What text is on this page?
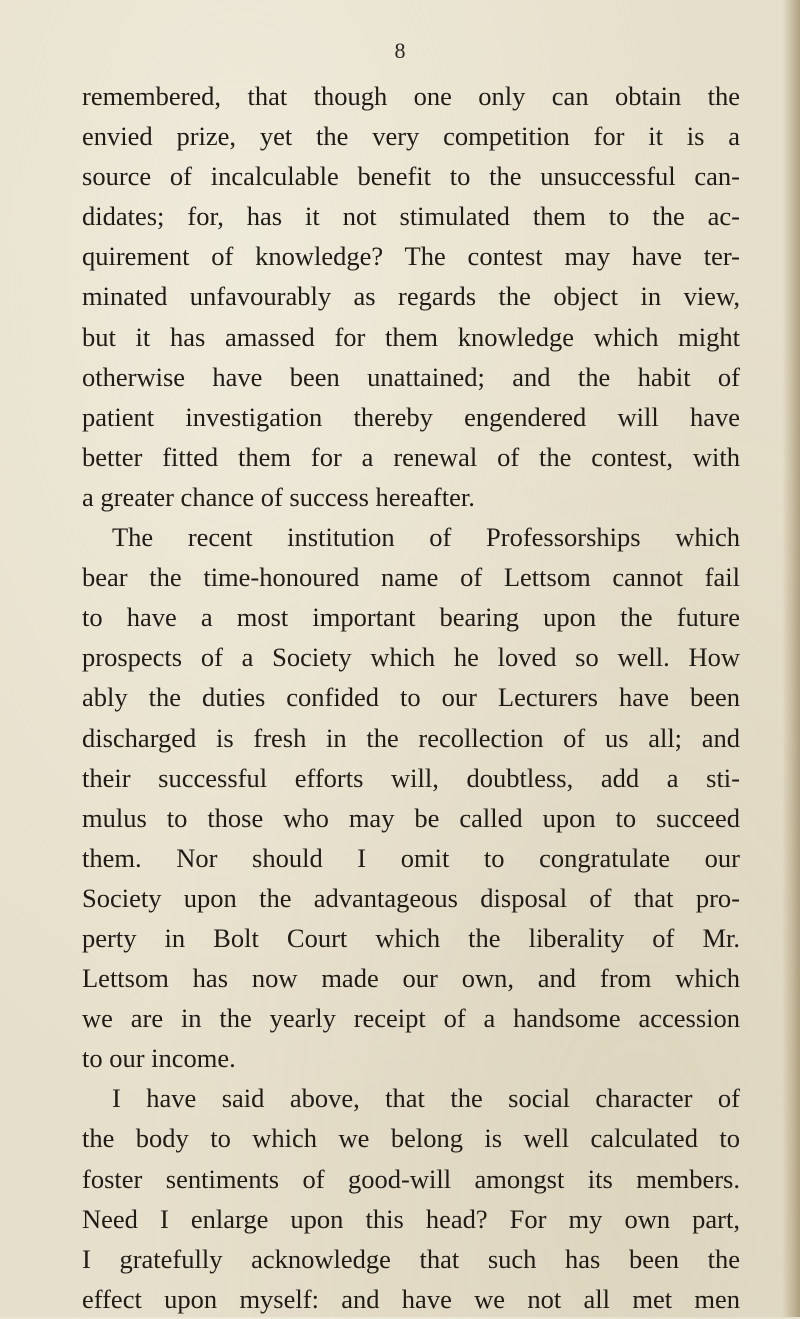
8
remembered, that though one only can obtain the
envied prize, yet the very competition for it is a
source of incalculable benefit to the unsuccessful can-
didates; for, has it not stimulated them to the ac-
quirement of knowledge? The contest may have ter-
minated unfavourably as regards the object in view,
but it has amassed for them knowledge which might
otherwise have been unattained; and the habit of
patient investigation thereby engendered will have
better fitted them for a renewal of the contest, with
a greater chance of success hereafter.
The recent institution of Professorships which
bear the time-honoured name of Lettsom cannot fail
to have a most important bearing upon the future
prospects of a Society which he loved so well. How
ably the duties confided to our Lecturers have been
discharged is fresh in the recollection of us all; and
their successful efforts will, doubtless, add a sti-
mulus to those who may be called upon to succeed
them. Nor should I omit to congratulate our
Society upon the advantageous disposal of that pro-
perty in Bolt Court which the liberality of Mr.
Lettsom has now made our own, and from which
we are in the yearly receipt of a handsome accession
to our income.
I have said above, that the social character of
the body to which we belong is well calculated to
foster sentiments of good-will amongst its members.
Need I enlarge upon this head? For my own part,
I gratefully acknowledge that such has been the
effect upon myself: and have we not all met men
